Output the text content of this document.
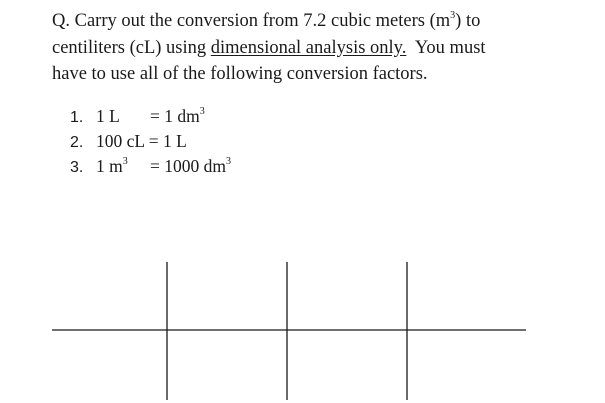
Q. Carry out the conversion from 7.2 cubic meters $(m^3)$ to
centiliters (cL) using dimensional analysis only.  You must
have to use all of the following conversion factors.
1. 1 L = 1 $dm^3$
2. 100 cL = 1 L
3. 1 $m^3 = 1000$ $dm^3$
